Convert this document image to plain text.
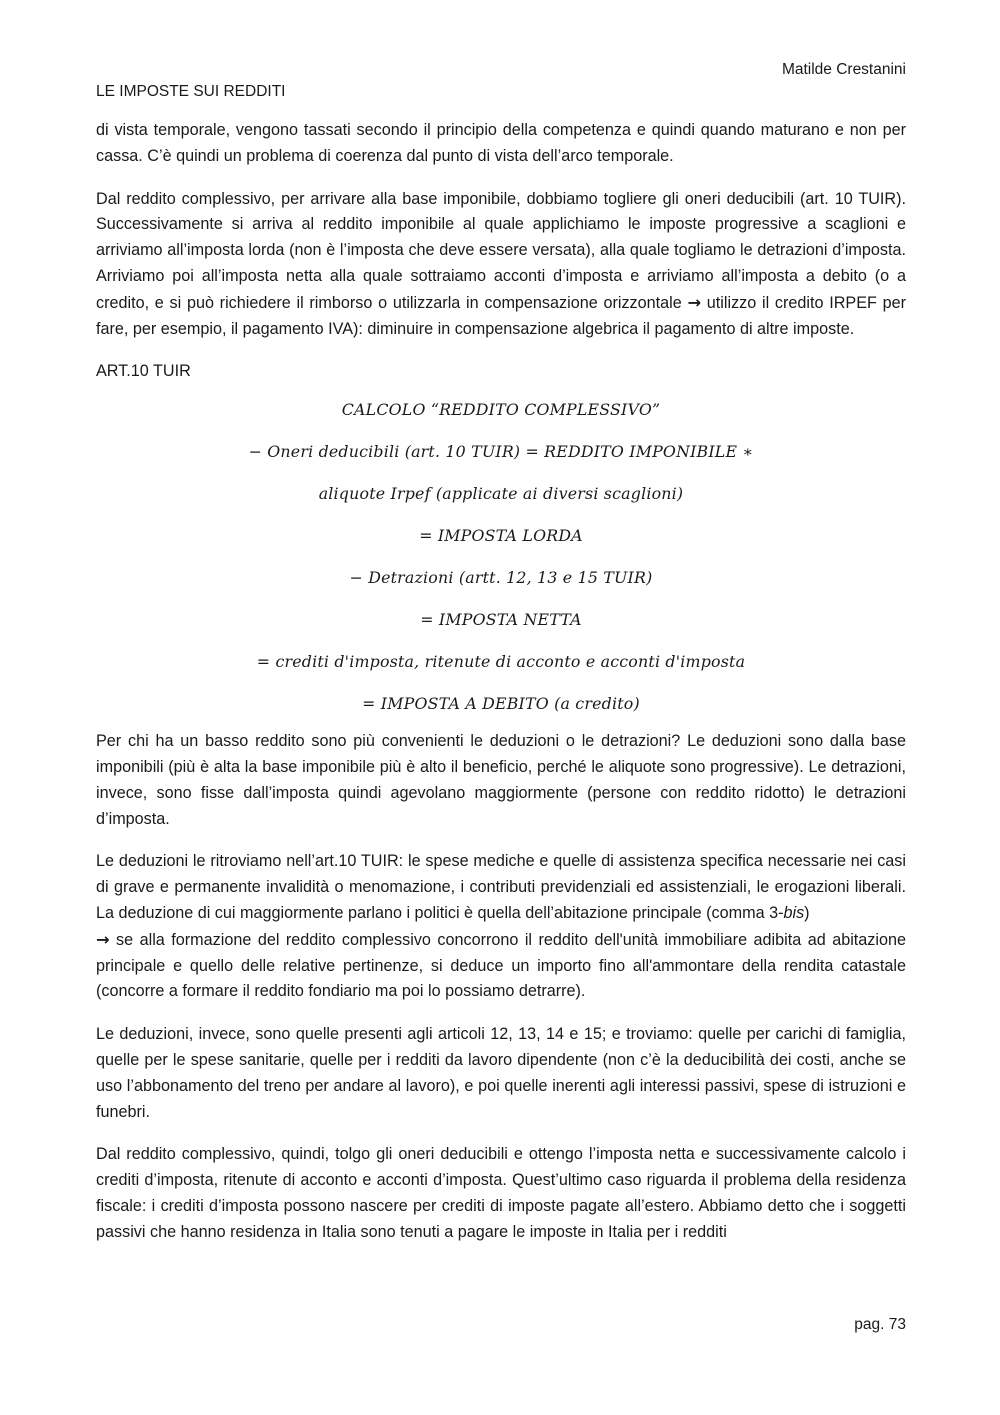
Matilde Crestanini
LE IMPOSTE SUI REDDITI

di vista temporale, vengono tassati secondo il principio della competenza e quindi quando maturano e non per cassa. C’è quindi un problema di coerenza dal punto di vista dell’arco temporale.

Dal reddito complessivo, per arrivare alla base imponibile, dobbiamo togliere gli oneri deducibili (art. 10 TUIR). Successivamente si arriva al reddito imponibile al quale applichiamo le imposte progressive a scaglioni e arriviamo all’imposta lorda (non è l’imposta che deve essere versata), alla quale togliamo le detrazioni d’imposta. Arriviamo poi all’imposta netta alla quale sottraiamo acconti d’imposta e arriviamo all’imposta a debito (o a credito, e si può richiedere il rimborso o utilizzarla in compensazione orizzontale → utilizzo il credito IRPEF per fare, per esempio, il pagamento IVA): diminuire in compensazione algebrica il pagamento di altre imposte.

ART.10 TUIR

CALCOLO “REDDITO COMPLESSIVO”
− Oneri deducibili (art. 10 TUIR) = REDDITO IMPONIBILE ∗
aliquote Irpef (applicate ai diversi scaglioni)
= IMPOSTA LORDA
− Detrazioni (artt. 12, 13 e 15 TUIR)
= IMPOSTA NETTA
= crediti d'imposta, ritenute di acconto e acconti d'imposta
= IMPOSTA A DEBITO (a credito)

Per chi ha un basso reddito sono più convenienti le deduzioni o le detrazioni? Le deduzioni sono dalla base imponibili (più è alta la base imponibile più è alto il beneficio, perché le aliquote sono progressive). Le detrazioni, invece, sono fisse dall’imposta quindi agevolano maggiormente (persone con reddito ridotto) le detrazioni d’imposta.

Le deduzioni le ritroviamo nell’art.10 TUIR: le spese mediche e quelle di assistenza specifica necessarie nei casi di grave e permanente invalidità o menomazione, i contributi previdenziali ed assistenziali, le erogazioni liberali. La deduzione di cui maggiormente parlano i politici è quella dell’abitazione principale (comma 3-bis)
→ se alla formazione del reddito complessivo concorrono il reddito dell'unità immobiliare adibita ad abitazione principale e quello delle relative pertinenze, si deduce un importo fino all'ammontare della rendita catastale (concorre a formare il reddito fondiario ma poi lo possiamo detrarre).

Le deduzioni, invece, sono quelle presenti agli articoli 12, 13, 14 e 15; e troviamo: quelle per carichi di famiglia, quelle per le spese sanitarie, quelle per i redditi da lavoro dipendente (non c’è la deducibilità dei costi, anche se uso l’abbonamento del treno per andare al lavoro), e poi quelle inerenti agli interessi passivi, spese di istruzioni e funebri.

Dal reddito complessivo, quindi, tolgo gli oneri deducibili e ottengo l’imposta netta e successivamente calcolo i crediti d’imposta, ritenute di acconto e acconti d’imposta. Quest’ultimo caso riguarda il problema della residenza fiscale: i crediti d’imposta possono nascere per crediti di imposte pagate all’estero. Abbiamo detto che i soggetti passivi che hanno residenza in Italia sono tenuti a pagare le imposte in Italia per i redditi

pag. 73
